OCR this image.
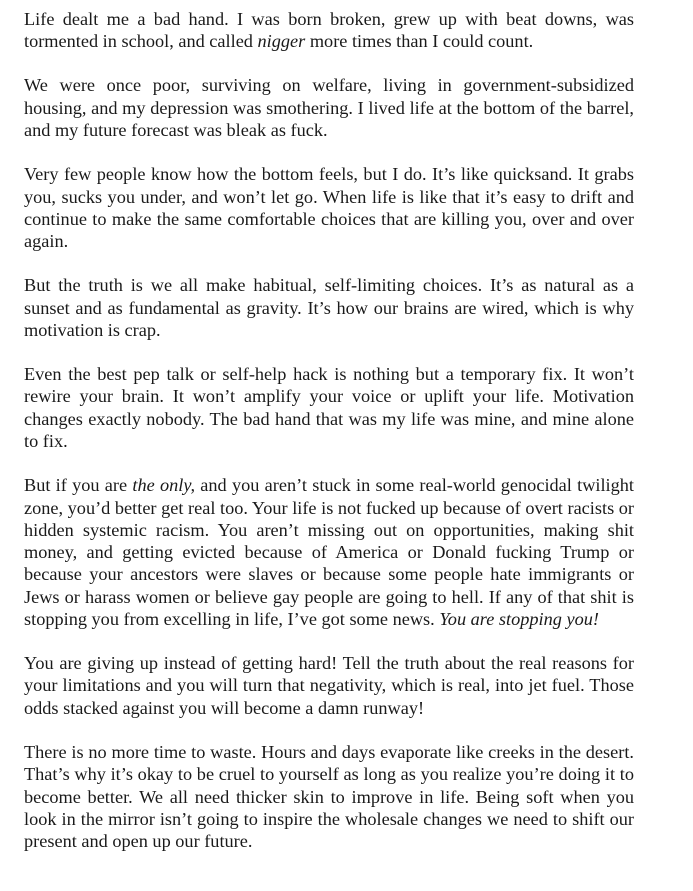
Life dealt me a bad hand. I was born broken, grew up with beat downs, was tormented in school, and called nigger more times than I could count.

We were once poor, surviving on welfare, living in government-subsidized housing, and my depression was smothering. I lived life at the bottom of the barrel, and my future forecast was bleak as fuck.

Very few people know how the bottom feels, but I do. It’s like quicksand. It grabs you, sucks you under, and won’t let go. When life is like that it’s easy to drift and continue to make the same comfortable choices that are killing you, over and over again.

But the truth is we all make habitual, self-limiting choices. It’s as natural as a sunset and as fundamental as gravity. It’s how our brains are wired, which is why motivation is crap.

Even the best pep talk or self-help hack is nothing but a temporary fix. It won’t rewire your brain. It won’t amplify your voice or uplift your life. Motivation changes exactly nobody. The bad hand that was my life was mine, and mine alone to fix.

But if you are the only, and you aren’t stuck in some real-world genocidal twilight zone, you’d better get real too. Your life is not fucked up because of overt racists or hidden systemic racism. You aren’t missing out on opportunities, making shit money, and getting evicted because of America or Donald fucking Trump or because your ancestors were slaves or because some people hate immigrants or Jews or harass women or believe gay people are going to hell. If any of that shit is stopping you from excelling in life, I’ve got some news. You are stopping you!

You are giving up instead of getting hard! Tell the truth about the real reasons for your limitations and you will turn that negativity, which is real, into jet fuel. Those odds stacked against you will become a damn runway!

There is no more time to waste. Hours and days evaporate like creeks in the desert. That’s why it’s okay to be cruel to yourself as long as you realize you’re doing it to become better. We all need thicker skin to improve in life. Being soft when you look in the mirror isn’t going to inspire the wholesale changes we need to shift our present and open up our future.
